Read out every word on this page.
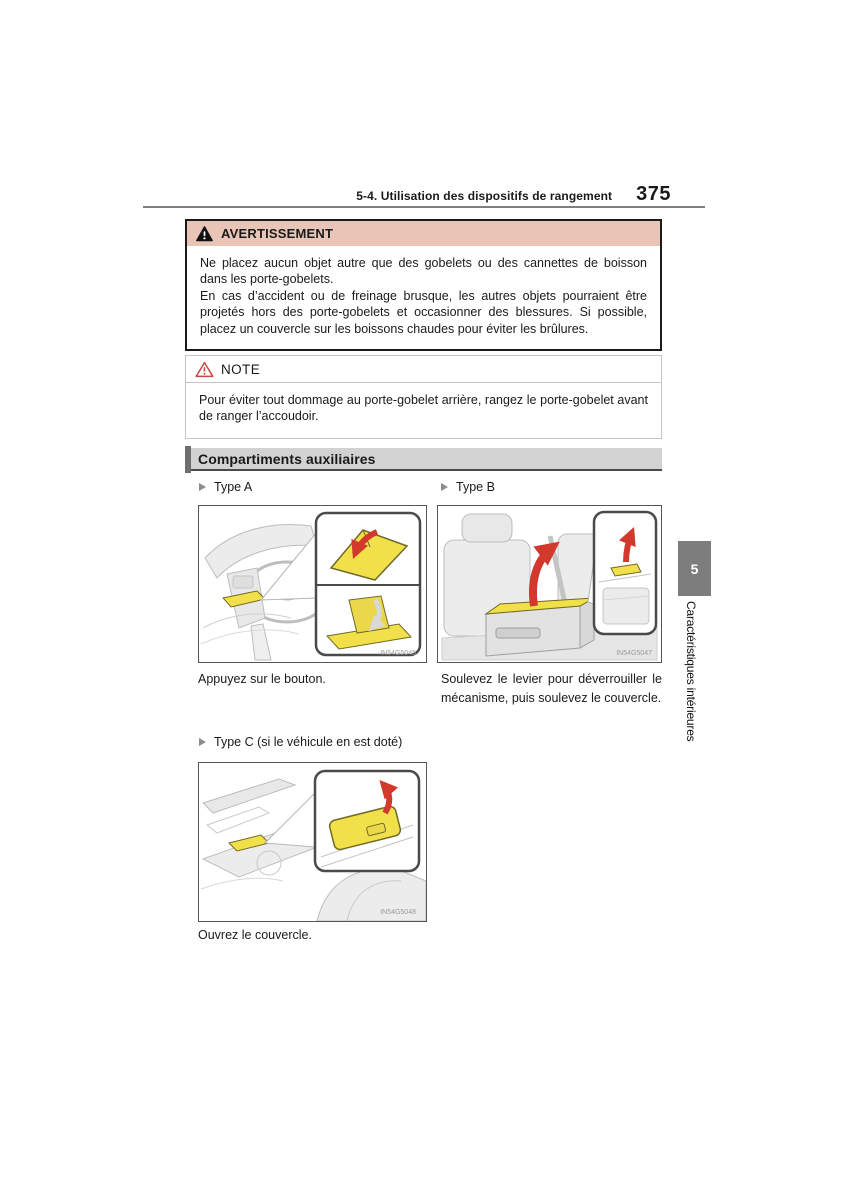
5-4. Utilisation des dispositifs de rangement 375
AVERTISSEMENT

Ne placez aucun objet autre que des gobelets ou des cannettes de boisson dans les porte-gobelets.

En cas d’accident ou de freinage brusque, les autres objets pourraient être projetés hors des porte-gobelets et occasionner des blessures. Si possible, placez un couvercle sur les boissons chaudes pour éviter les brûlures.

NOTE
Pour éviter tout dommage au porte-gobelet arrière, rangez le porte-gobelet avant de ranger l’accoudoir.
Compartiments auxiliaires
Type A	Type B
IN54G5045	IN54G5047
Appuyez sur le bouton.	Soulevez le levier pour déverrouiller le mécanisme, puis soulevez le couvercle.
Type C (si le véhicule en est doté)
IN54G5048
Ouvrez le couvercle.
5
Caractéristiques intérieures
